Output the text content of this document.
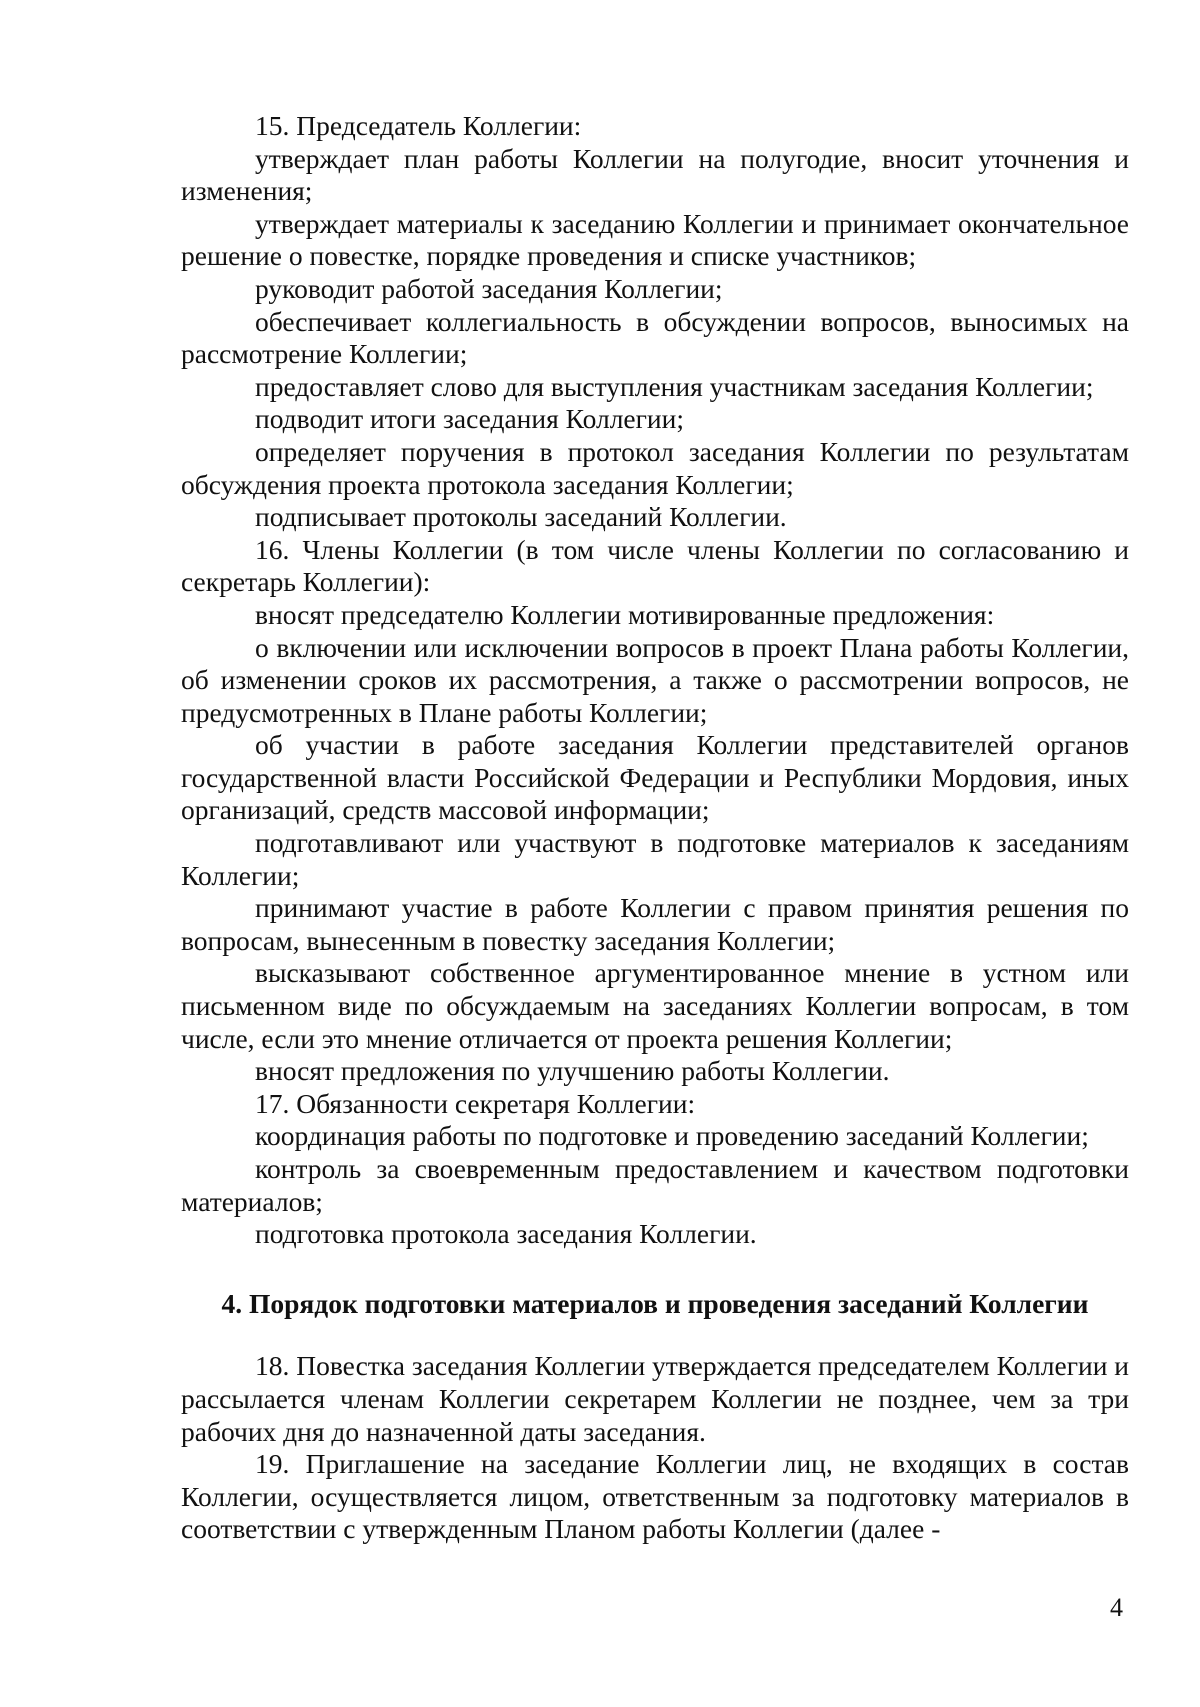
15. Председатель Коллегии:

утверждает план работы Коллегии на полугодие, вносит уточнения и изменения;

утверждает материалы к заседанию Коллегии и принимает окончательное решение о повестке, порядке проведения и списке участников;

руководит работой заседания Коллегии;

обеспечивает коллегиальность в обсуждении вопросов, выносимых на рассмотрение Коллегии;

предоставляет слово для выступления участникам заседания Коллегии;

подводит итоги заседания Коллегии;

определяет поручения в протокол заседания Коллегии по результатам обсуждения проекта протокола заседания Коллегии;

подписывает протоколы заседаний Коллегии.

16. Члены Коллегии (в том числе члены Коллегии по согласованию и секретарь Коллегии):

вносят председателю Коллегии мотивированные предложения:

о включении или исключении вопросов в проект Плана работы Коллегии, об изменении сроков их рассмотрения, а также о рассмотрении вопросов, не предусмотренных в Плане работы Коллегии;

об участии в работе заседания Коллегии представителей органов государственной власти Российской Федерации и Республики Мордовия, иных организаций, средств массовой информации;

подготавливают или участвуют в подготовке материалов к заседаниям Коллегии;

принимают участие в работе Коллегии с правом принятия решения по вопросам, вынесенным в повестку заседания Коллегии;

высказывают собственное аргументированное мнение в устном или письменном виде по обсуждаемым на заседаниях Коллегии вопросам, в том числе, если это мнение отличается от проекта решения Коллегии;

вносят предложения по улучшению работы Коллегии.

17. Обязанности секретаря Коллегии:

координация работы по подготовке и проведению заседаний Коллегии;

контроль за своевременным предоставлением и качеством подготовки материалов;

подготовка протокола заседания Коллегии.

4. Порядок подготовки материалов и проведения заседаний Коллегии

18. Повестка заседания Коллегии утверждается председателем Коллегии и рассылается членам Коллегии секретарем Коллегии не позднее, чем за три рабочих дня до назначенной даты заседания.

19. Приглашение на заседание Коллегии лиц, не входящих в состав Коллегии, осуществляется лицом, ответственным за подготовку материалов в соответствии с утвержденным Планом работы Коллегии (далее -

4
